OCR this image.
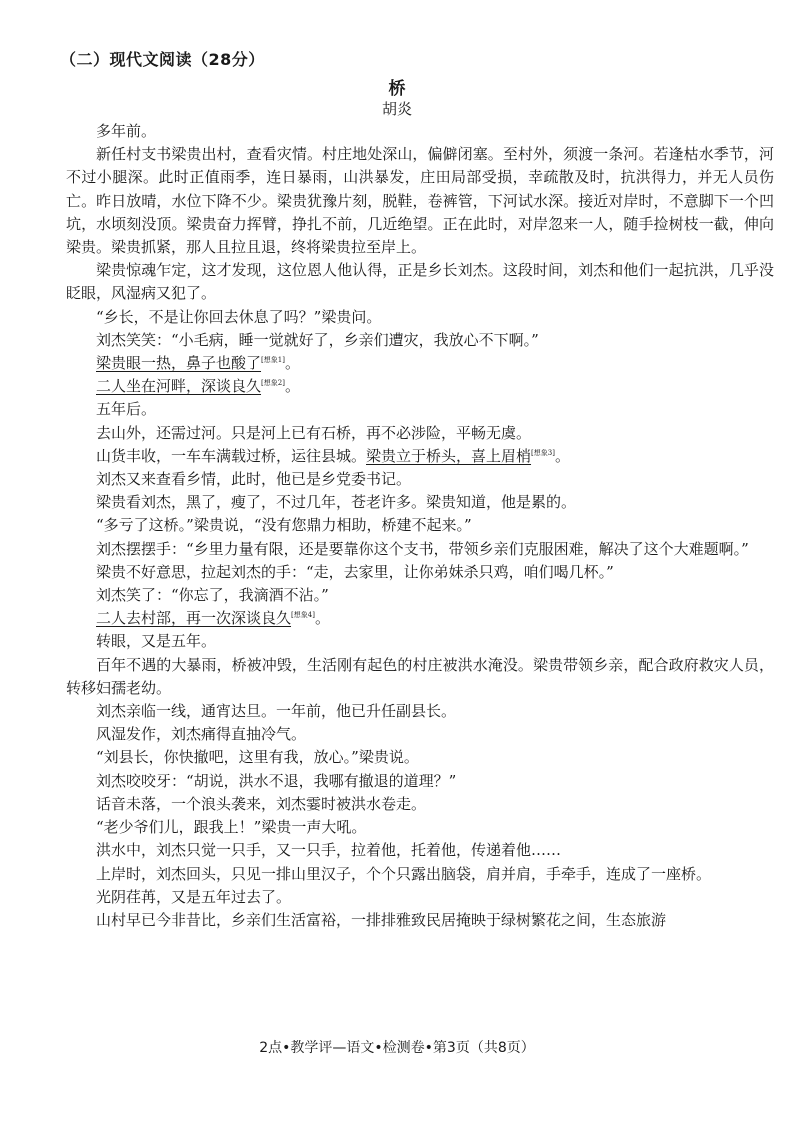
（二）现代文阅读（28分）
桥
胡炎

多年前。

新任村支书梁贵出村，查看灾情。村庄地处深山，偏僻闭塞。至村外，须渡一条河。若逢枯水季节，河不过小腿深。此时正值雨季，连日暴雨，山洪暴发，庄田局部受损，幸疏散及时，抗洪得力，并无人员伤亡。昨日放晴，水位下降不少。梁贵犹豫片刻，脱鞋，卷裤管，下河试水深。接近对岸时，不意脚下一个凹坑，水顷刻没顶。梁贵奋力挥臂，挣扎不前，几近绝望。正在此时，对岸忽来一人，随手捡树枝一截，伸向梁贵。梁贵抓紧，那人且拉且退，终将梁贵拉至岸上。

梁贵惊魂乍定，这才发现，这位恩人他认得，正是乡长刘杰。这段时间，刘杰和他们一起抗洪，几乎没眨眼，风湿病又犯了。

“乡长，不是让你回去休息了吗？”梁贵问。

刘杰笑笑：“小毛病，睡一觉就好了，乡亲们遭灾，我放心不下啊。”

梁贵眼一热，鼻子也酸了[想象1]。

二人坐在河畔，深谈良久[想象2]。

五年后。

去山外，还需过河。只是河上已有石桥，再不必涉险，平畅无虞。

山货丰收，一车车满载过桥，运往县城。梁贵立于桥头，喜上眉梢[想象3]。

刘杰又来查看乡情，此时，他已是乡党委书记。

梁贵看刘杰，黑了，瘦了，不过几年，苍老许多。梁贵知道，他是累的。

“多亏了这桥。”梁贵说，“没有您鼎力相助，桥建不起来。”

刘杰摆摆手：“乡里力量有限，还是要靠你这个支书，带领乡亲们克服困难，解决了这个大难题啊。”

梁贵不好意思，拉起刘杰的手：“走，去家里，让你弟妹杀只鸡，咱们喝几杯。”

刘杰笑了：“你忘了，我滴酒不沾。”

二人去村部，再一次深谈良久[想象4]。

转眼，又是五年。

百年不遇的大暴雨，桥被冲毁，生活刚有起色的村庄被洪水淹没。梁贵带领乡亲，配合政府救灾人员，转移妇孺老幼。

刘杰亲临一线，通宵达旦。一年前，他已升任副县长。

风湿发作，刘杰痛得直抽冷气。

“刘县长，你快撤吧，这里有我，放心。”梁贵说。

刘杰咬咬牙：“胡说，洪水不退，我哪有撤退的道理？”

话音未落，一个浪头袭来，刘杰霎时被洪水卷走。

“老少爷们儿，跟我上！”梁贵一声大吼。

洪水中，刘杰只觉一只手，又一只手，拉着他，托着他，传递着他……

上岸时，刘杰回头，只见一排山里汉子，个个只露出脑袋，肩并肩，手牵手，连成了一座桥。

光阴荏苒，又是五年过去了。

山村早已今非昔比，乡亲们生活富裕，一排排雅致民居掩映于绿树繁花之间，生态旅游

2点•教学评—语文•检测卷•第3页（共8页）
